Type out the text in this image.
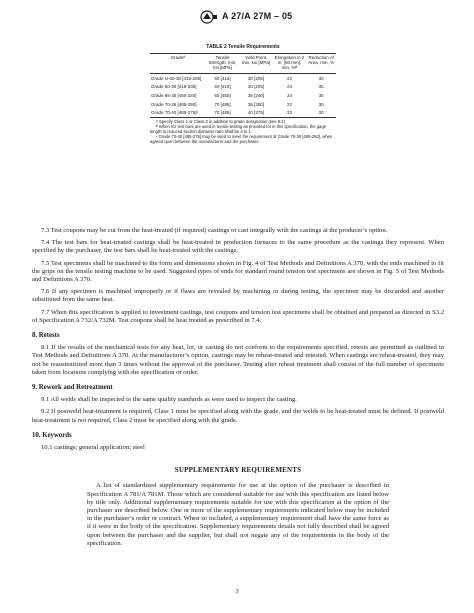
A 27/A 27M – 05
TABLE 2 Tensile Requirements
Gradeᴬ	Tensile Strength, min, ksi [MPa]	Yield Point, min, ksi [MPa]	Elongation in 2 in. [50 mm], min, %ᴮ	Reduction of Area, min, %
Grade U-60-30 [415-205]	60 [415]	30 [205]	22	30
Grade 60-30 [415-205]	60 [415]	30 [205]	24	35
Grade 65-35 [450-240]	65 [450]	35 [240]	24	35
Grade 70-36 [485-250]	70 [485]	36 [250]	22	30
Grade 70-40 [485-275]ᶜ	70 [485]	40 [275]	22	30

ᴬ Specify Class 1 or Class 2 in addition to grade designation (see 9.2).

ᴮ When ICI test bars are used in tensile testing as provided for in this specification, the gage length to reduced section diameter ratio shall be 4 to 1.

ᶜ Grade 70-40 [485-275] may be used to meet the requirement of Grade 70-36 [485-250], when agreed upon between the manufacturer and the purchaser.

7.3 Test coupons may be cut from the heat-treated (if required) castings or cast integrally with the castings at the producer’s option.

7.4 The test bars for heat-treated castings shall be heat-treated in production furnaces to the same procedure as the castings they represent. When specified by the purchaser, the test bars shall be heat-treated with the castings.

7.5 Test specimens shall be machined to the form and dimensions shown in Fig. 4 of Test Methods and Definitions A 370, with the ends machined to fit the grips on the tensile testing machine to be used. Suggested types of ends for standard round tension test specimens are shown in Fig. 5 of Test Methods and Definitions A 370.

7.6 If any specimen is machined improperly or if flaws are revealed by machining or during testing, the specimen may be discarded and another substituted from the same heat.

7.7 When this specification is applied to investment castings, test coupons and tension test specimens shall be obtained and prepared as directed in S3.2 of Specification A 732/A 732M. Test coupons shall be heat treated as prescribed in 7.4.

8. Retests

8.1 If the results of the mechanical tests for any heat, lot, or casting do not conform to the requirements specified, retests are permitted as outlined in Test Methods and Definitions A 370. At the manufacturer’s option, castings may be reheat-treated and retested. When castings are reheat-treated, they may not be reaustenitized more than 3 times without the approval of the purchaser. Testing after reheat treatment shall consist of the full number of specimens taken from locations complying with the specification or order.

9. Rework and Retreatment

9.1 All welds shall be inspected to the same quality standards as were used to inspect the casting.

9.2 If postweld heat-treatment is required, Class 1 must be specified along with the grade, and the welds to be heat-treated must be defined. If postweld heat-treatment is not required, Class 2 must be specified along with the grade.

10. Keywords

10.1 castings; general application; steel

SUPPLEMENTARY REQUIREMENTS

A list of standardized supplementary requirements for use at the option of the purchaser is described in Specification A 781/A 781M. Those which are considered suitable for use with this specification are listed below by title only. Additional supplementary requirements suitable for use with this specification at the option of the purchaser are described below. One or more of the supplementary requirements indicated below may be included in the purchaser’s order or contract. When so included, a supplementary requirement shall have the same force as if it were in the body of the specification. Supplementary requirements details not fully described shall be agreed upon between the purchaser and the supplier, but shall not negate any of the requirements in the body of the specification.

3
